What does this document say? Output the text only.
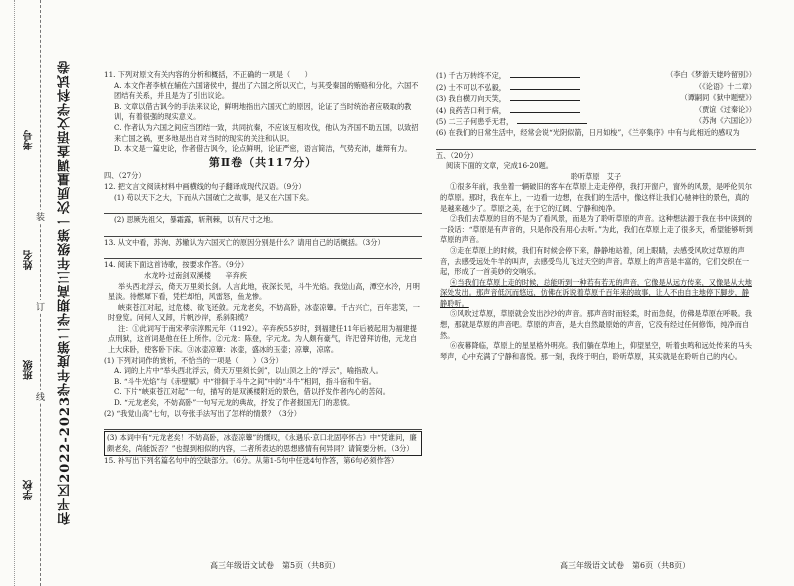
装
订
线
学校
班级
姓名
考号 和平区2022-2023学年度第二学期高三年级第一次质量调查语文学科试卷	11. 下列对原文有关内容的分析和概括，不正确的一项是（　　）

A. 本文作者李桢在辅佐六国诸侯中，提出了六国之所以灭亡，与其受秦国的贿赂和分化，六国不团结有关系，并且是为了引出议论。

B. 文章以借古讽今的手法来议论，鲜明地指出六国灭亡的原因，论证了当时统治者应吸取的教训，有着很强的现实意义。

C. 作者认为六国之间应当团结一致，共同抗秦，不应该互相攻伐，他认为齐国不助五国，以致招来亡国之祸，更多地是出自对当时的现实的关注和认识。

D. 本文是一篇史论，作者借古讽今，论点鲜明，论证严密，语言简洁，气势充沛，雄辩有力。

第Ⅱ卷（共117分）

四、（27分）

12. 把文言文阅读材料中画横线的句子翻译成现代汉语。（9分）

(1) 苟以天下之大，下而从六国破亡之故事，是又在六国下矣。

(2) 思厥先祖父，暴霜露，斩荆棘，以有尺寸之地。

13. 从文中看，苏洵、苏辙认为六国灭亡的原因分别是什么？请用自己的话概括。（3分）

14. 阅读下面这首诗歌，按要求作答。（9分）

水龙吟·过南剑双溪楼　　辛弃疾

举头西北浮云，倚天万里须长剑。人言此地，夜深长见，斗牛光焰。我觉山高，潭空水冷，月明星淡。待燃犀下看，凭栏却怕，风雷怒，鱼龙惨。

峡束苍江对起，过危楼、欲飞还敛。元龙老矣，不妨高卧，冰壶凉簟。千古兴亡，百年悲笑，一时登览。问何人又卸，片帆沙岸，系斜阳缆？

注：①此词写于南宋孝宗淳熙元年（1192）。辛弃疾55岁时，到福建任11年后被起用为福建提点刑狱，这首词是他在任上所作。②元龙：陈登，字元龙。为人颇有豪气，许汜曾拜访他，元龙自上大床卧，使客卧下床。③冰壶凉簟：冰壶，盛冰的玉壶；凉簟，凉席。

(1) 下列对词作的赏析，不恰当的一项是（　　）（3分）

A. 词的上片中“举头西北浮云，倚天万里须长剑”，以山顶之上的“浮云”，喻指敌人。

B. “斗牛光焰”与《赤壁赋》中“徘徊于斗牛之间”中的“斗牛”相同，指斗宿和牛宿。

C. 下片“峡束苍江对起”一句，描写的是双溪楼附近的景色，借以抒发作者内心的苦闷。

D. “元龙老矣，不妨高卧”一句写元龙的典故，抒发了作者报国无门的悲愤。

(2) “我觉山高”七句，以夸张手法写出了怎样的情景？（3分）

(3) 本词中有“元龙老矣！不妨高卧，冰壶凉簟”的慨叹，《永遇乐·京口北固亭怀古》中“凭谁问，廉颇老矣，尚能饭否？”也提到相似的内容，二者所表达的思想感情有何异同？请简要分析。（3分）

15. 补写出下列名篇名句中的空缺部分。（6分。从第1-5句中任选4句作答，第6句必须作答）

(1) 千古万转终不定，	（李白《梦游天姥吟留别》）
(2) 士不可以不弘毅，	（《论语》十二章）
(3) 我自横刀向天笑，	（谭嗣同《狱中题壁》）
(4) 良药苦口利于病，	（贾谊《过秦论》）
(5) 二三子何患乎无君，	（苏洵《六国论》）

(6) 在我们的日常生活中，经常会说“光阴似箭，日月如梭”，《兰亭集序》中有与此相近的感叹为

五、（20分）

阅读下面的文章，完成16-20题。

聆听草原　艾子

①很多年前，我坐着一辆破旧的客车在草原上走走停停，我打开窗户，窗外的风景，是呼伦贝尔的草原。那时，我在车上，一边看一边想，在我们的生活中，像这样让我们心驰神往的景色，真的是越来越少了。草原之美，在于它的辽阔、宁静和纯净。

②我们去草原的目的不是为了看风景，而是为了聆听草原的声音。这种想法源于我在书中读到的一段话：“草原是有声音的，只是你没有用心去听。”为此，我们在草原上走了很多天，希望能够听到草原的声音。

③走在草原上的时候，我们有时候会停下来，静静地站着，闭上眼睛，去感受风吹过草原的声音，去感受远处牛羊的叫声，去感受鸟儿飞过天空的声音。草原上的声音是丰富的，它们交织在一起，形成了一首美妙的交响乐。

④当我们在草原上走的时候，总能听到一种若有若无的声音，它像是从远方传来，又像是从大地深处发出。那声音低沉而悠远，仿佛在诉说着草原千百年来的故事，让人不由自主地停下脚步，静静聆听。

⑤风吹过草原，草原就会发出沙沙的声音。那声音时而轻柔，时而急促，仿佛是草原在呼吸。我想，那就是草原的声音吧。草原的声音，是大自然最原始的声音，它没有经过任何修饰，纯净而自然。

⑥夜幕降临，草原上的星星格外明亮。我们躺在草地上，仰望星空，听着虫鸣和远处传来的马头琴声，心中充满了宁静和喜悦。那一刻，我终于明白，聆听草原，其实就是在聆听自己的内心。

高三年级语文试卷　第5页（共8页）	高三年级语文试卷　第6页（共8页）
